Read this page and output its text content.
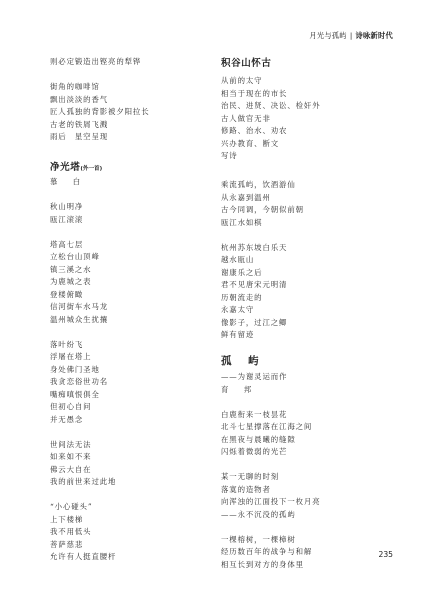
月光与孤屿 | 诗咏新时代
则必定锻造出铿亮的犁铧
街角的咖啡馆
飘出淡淡的香气
匠人孤独的背影被夕阳拉长
古老的铁屑飞溅
雨后　星空呈现
净光塔(外一首)
慕　白
秋山明净
瓯江滚滚
塔高七层
立松台山顶峰
镇三溪之水
为鹿城之表
登楼俯瞰
信河街车水马龙
温州城众生扰攘
落叶纷飞
浮屠在塔上
身处佛门圣地
我贪恋俗世功名
嘴痴嗔恨俱全
但初心自问
并无愚念
世间法无法
如来如不来
佛云大自在
我的前世来过此地
“小心碰头”
上下楼梯
我不用低头
菩萨慈悲
允许有人挺直腰杆
积谷山怀古
从前的太守
相当于现在的市长
治民、进贤、决讼、检奸外
古人做官无非
修路、治水、劝农
兴办教育、断文
写诗
乘流孤屿，饮酒游仙
从永嘉到温州
古今同调，今朝似前朝
瓯江水如棋
杭州苏东坡白乐天
越水瓯山
谢康乐之后
君不见唐宋元明清
历朝流走的
永嘉太守
像影子，过江之鲫
鲜有留迹
孤　屿
——为谢灵运而作
育　邦
白鹿衔来一枝昙花
北斗七星撑落在江海之间
在黑夜与晨曦的缝隙
闪烁着微弱的光芒
某一无聊的时刻
落寞的造物者
向浑浊的江面投下一枚月亮
——永不沉没的孤屿
一棵榕树，一棵樟树
经历数百年的战争与和解
相互长到对方的身体里
235
